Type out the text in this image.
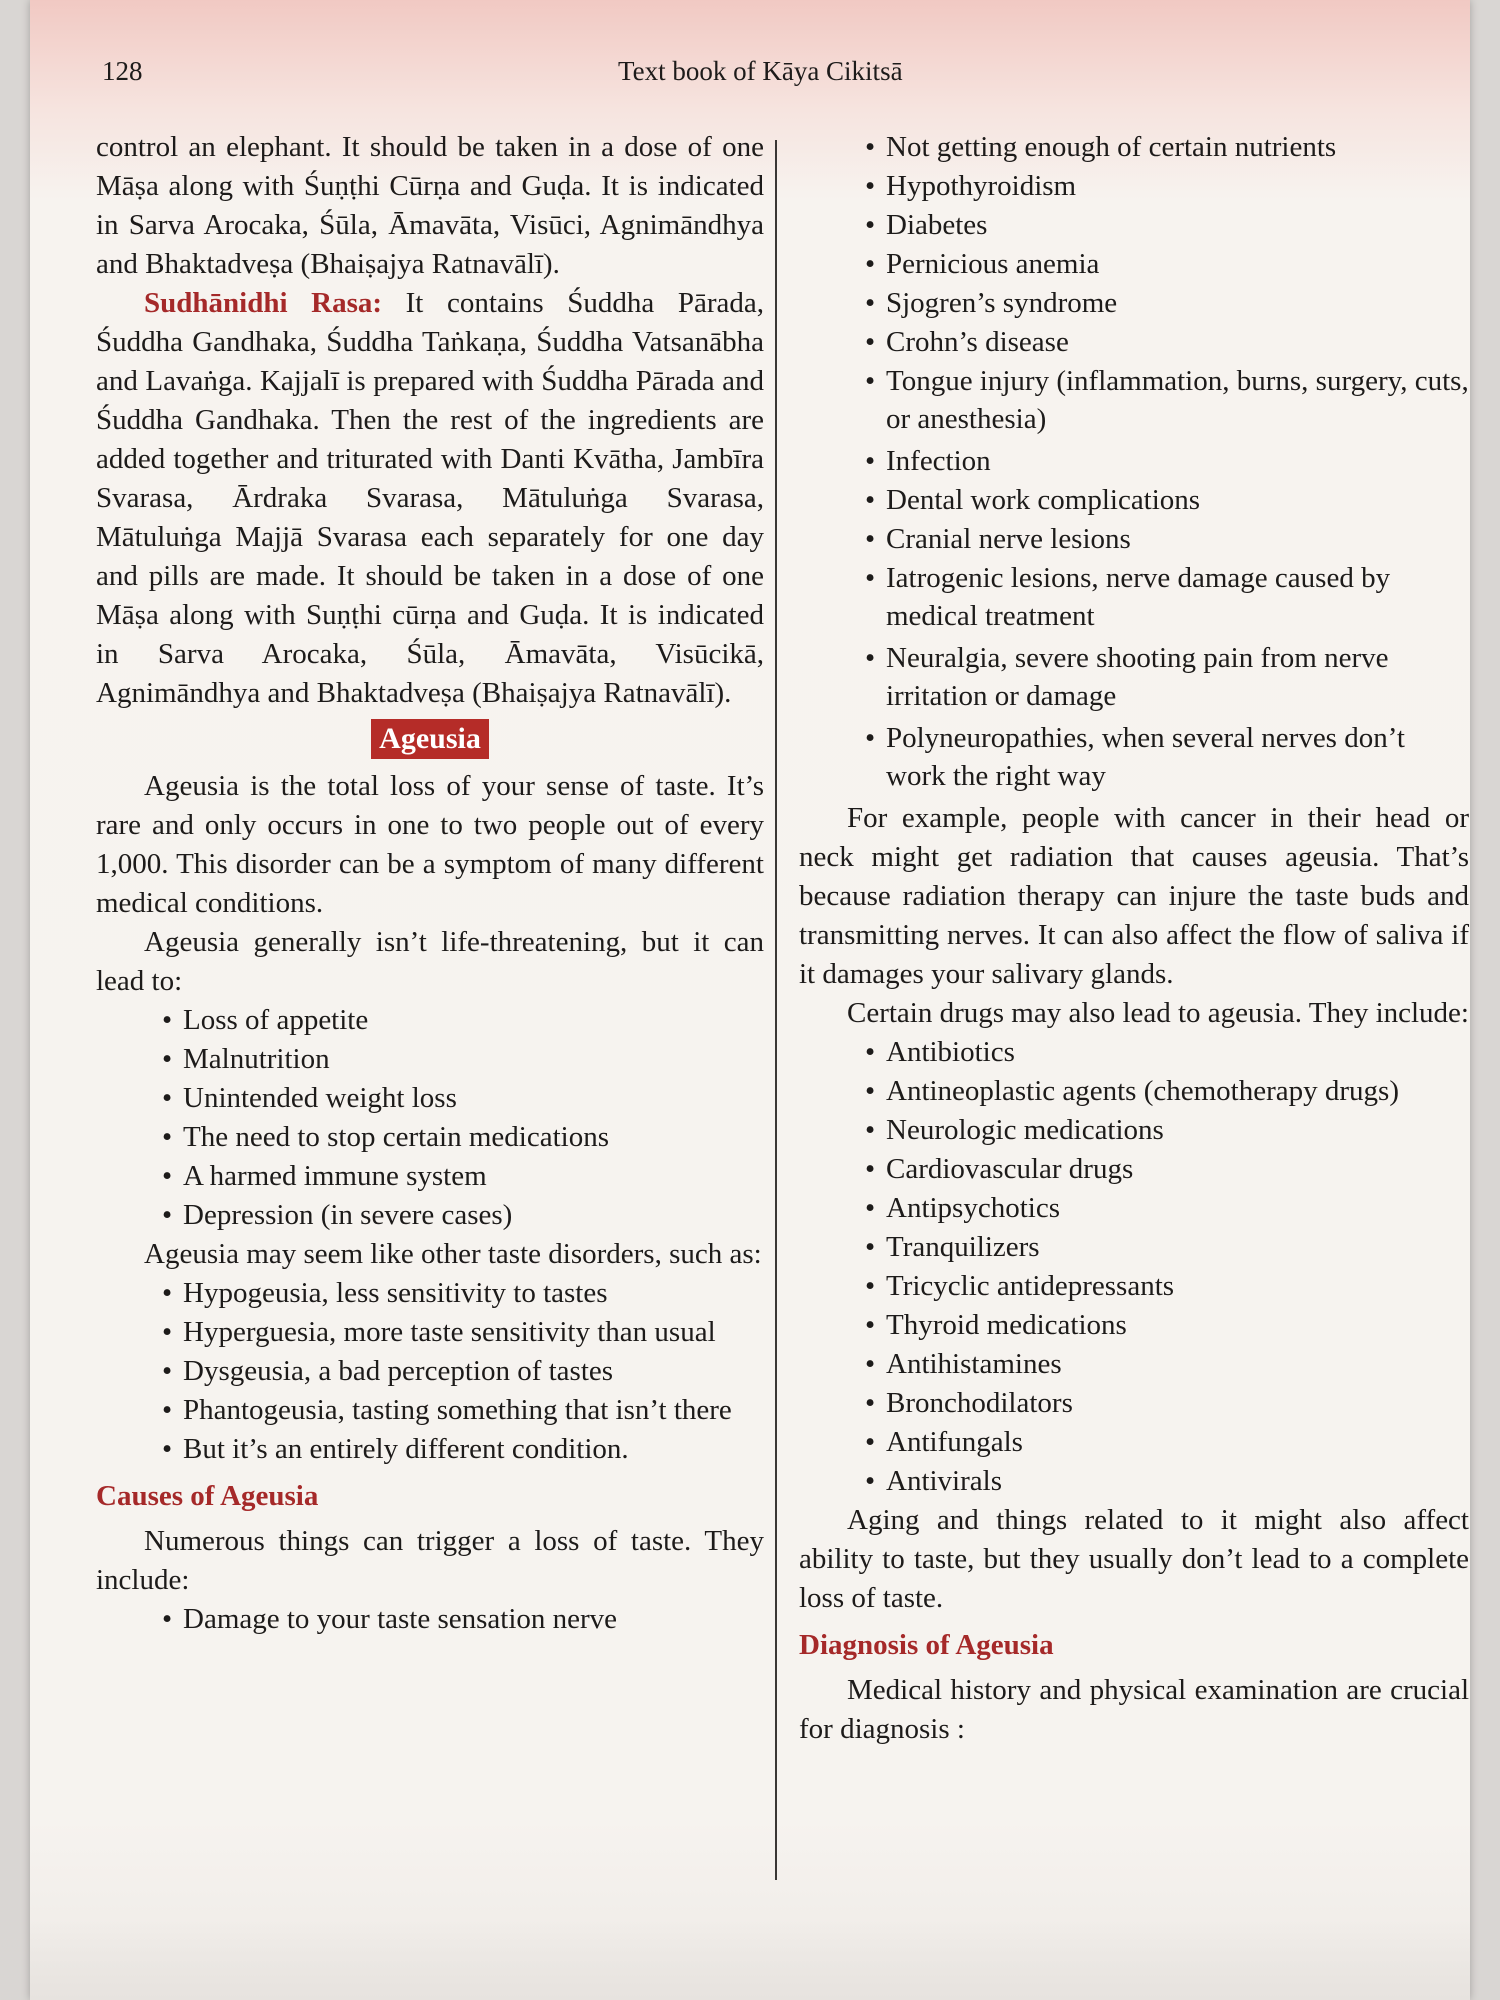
128	Text book of Kāya Cikitsā

control an elephant. It should be taken in a dose of one Māṣa along with Śuṇṭhi Cūrṇa and Guḍa. It is indicated in Sarva Arocaka, Śūla, Āmavāta, Visūci, Agnimāndhya and Bhaktadveṣa (Bhaiṣajya Ratnavālī).

Sudhānidhi Rasa: It contains Śuddha Pārada, Śuddha Gandhaka, Śuddha Taṅkaṇa, Śuddha Vatsanābha and Lavaṅga. Kajjalī is prepared with Śuddha Pārada and Śuddha Gandhaka. Then the rest of the ingredients are added together and triturated with Danti Kvātha, Jambīra Svarasa, Ārdraka Svarasa, Mātuluṅga Svarasa, Mātuluṅga Majjā Svarasa each separately for one day and pills are made. It should be taken in a dose of one Māṣa along with Suṇṭhi cūrṇa and Guḍa. It is indicated in Sarva Arocaka, Śūla, Āmavāta, Visūcikā, Agnimāndhya and Bhaktadveṣa (Bhaiṣajya Ratnavālī).

Ageusia

Ageusia is the total loss of your sense of taste. It’s rare and only occurs in one to two people out of every 1,000. This disorder can be a symptom of many different medical conditions.

Ageusia generally isn’t life-threatening, but it can lead to:

• Loss of appetite
• Malnutrition
• Unintended weight loss
• The need to stop certain medications
• A harmed immune system
• Depression (in severe cases)

Ageusia may seem like other taste disorders, such as:

• Hypogeusia, less sensitivity to tastes
• Hyperguesia, more taste sensitivity than usual
• Dysgeusia, a bad perception of tastes
• Phantogeusia, tasting something that isn’t there
• But it’s an entirely different condition.
Causes of Ageusia

Numerous things can trigger a loss of taste. They include:

• Damage to your taste sensation nerve
• Not getting enough of certain nutrients
• Hypothyroidism
• Diabetes
• Pernicious anemia
• Sjogren’s syndrome
• Crohn’s disease
• Tongue injury (inflammation, burns, surgery, cuts, or anesthesia)
• Infection
• Dental work complications
• Cranial nerve lesions
• Iatrogenic lesions, nerve damage caused by medical treatment
• Neuralgia, severe shooting pain from nerve irritation or damage
• Polyneuropathies, when several nerves don’t work the right way

For example, people with cancer in their head or neck might get radiation that causes ageusia. That’s because radiation therapy can injure the taste buds and transmitting nerves. It can also affect the flow of saliva if it damages your salivary glands.

Certain drugs may also lead to ageusia. They include:

• Antibiotics
• Antineoplastic agents (chemotherapy drugs)
• Neurologic medications
• Cardiovascular drugs
• Antipsychotics
• Tranquilizers
• Tricyclic antidepressants
• Thyroid medications
• Antihistamines
• Bronchodilators
• Antifungals
• Antivirals

Aging and things related to it might also affect ability to taste, but they usually don’t lead to a complete loss of taste.

Diagnosis of Ageusia

Medical history and physical examination are crucial for diagnosis :
